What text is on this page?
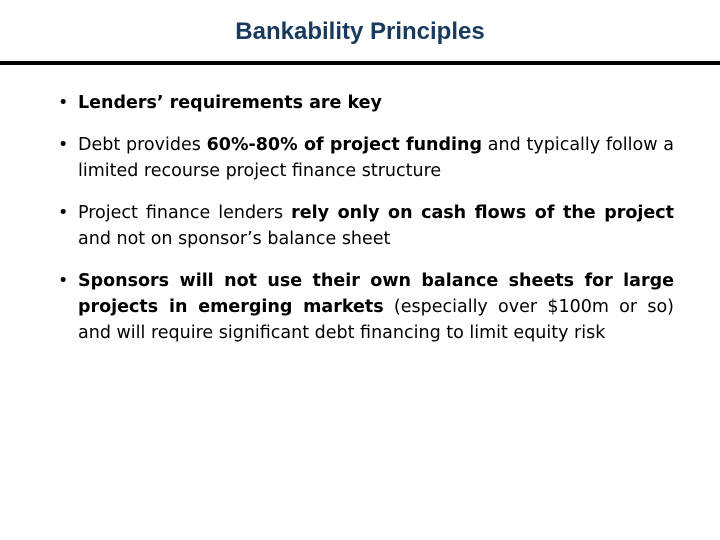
Bankability Principles
• Lenders’ requirements are key
• Debt provides 60%-80% of project funding and typically follow a limited recourse project finance structure
• Project finance lenders rely only on cash flows of the project and not on sponsor’s balance sheet
• Sponsors will not use their own balance sheets for large projects in emerging markets (especially over $100m or so) and will require significant debt financing to limit equity risk
